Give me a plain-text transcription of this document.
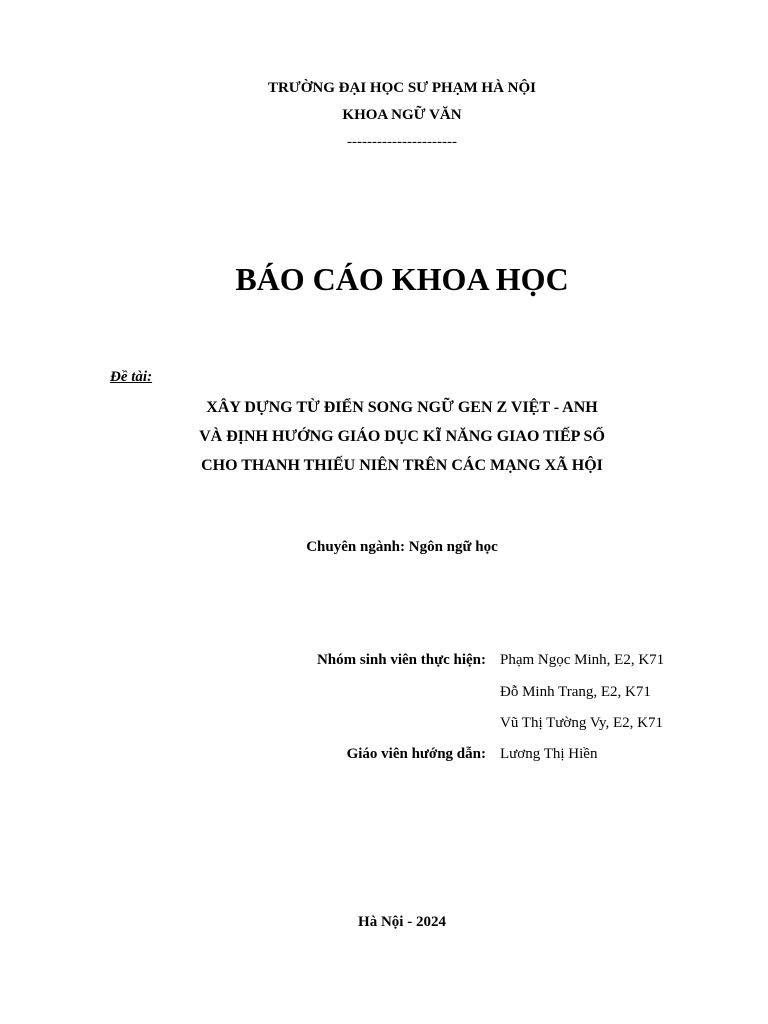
TRƯỜNG ĐẠI HỌC SƯ PHẠM HÀ NỘI
KHOA NGỮ VĂN
----------------------
BÁO CÁO KHOA HỌC
Đề tài:
XÂY DỰNG TỪ ĐIỂN SONG NGỮ GEN Z VIỆT - ANH
VÀ ĐỊNH HƯỚNG GIÁO DỤC KĨ NĂNG GIAO TIẾP SỐ
CHO THANH THIẾU NIÊN TRÊN CÁC MẠNG XÃ HỘI
Chuyên ngành: Ngôn ngữ học
Nhóm sinh viên thực hiện: Phạm Ngọc Minh, E2, K71
Đỗ Minh Trang, E2, K71
Vũ Thị Tường Vy, E2, K71
Giáo viên hướng dẫn: Lương Thị Hiền
Hà Nội - 2024
